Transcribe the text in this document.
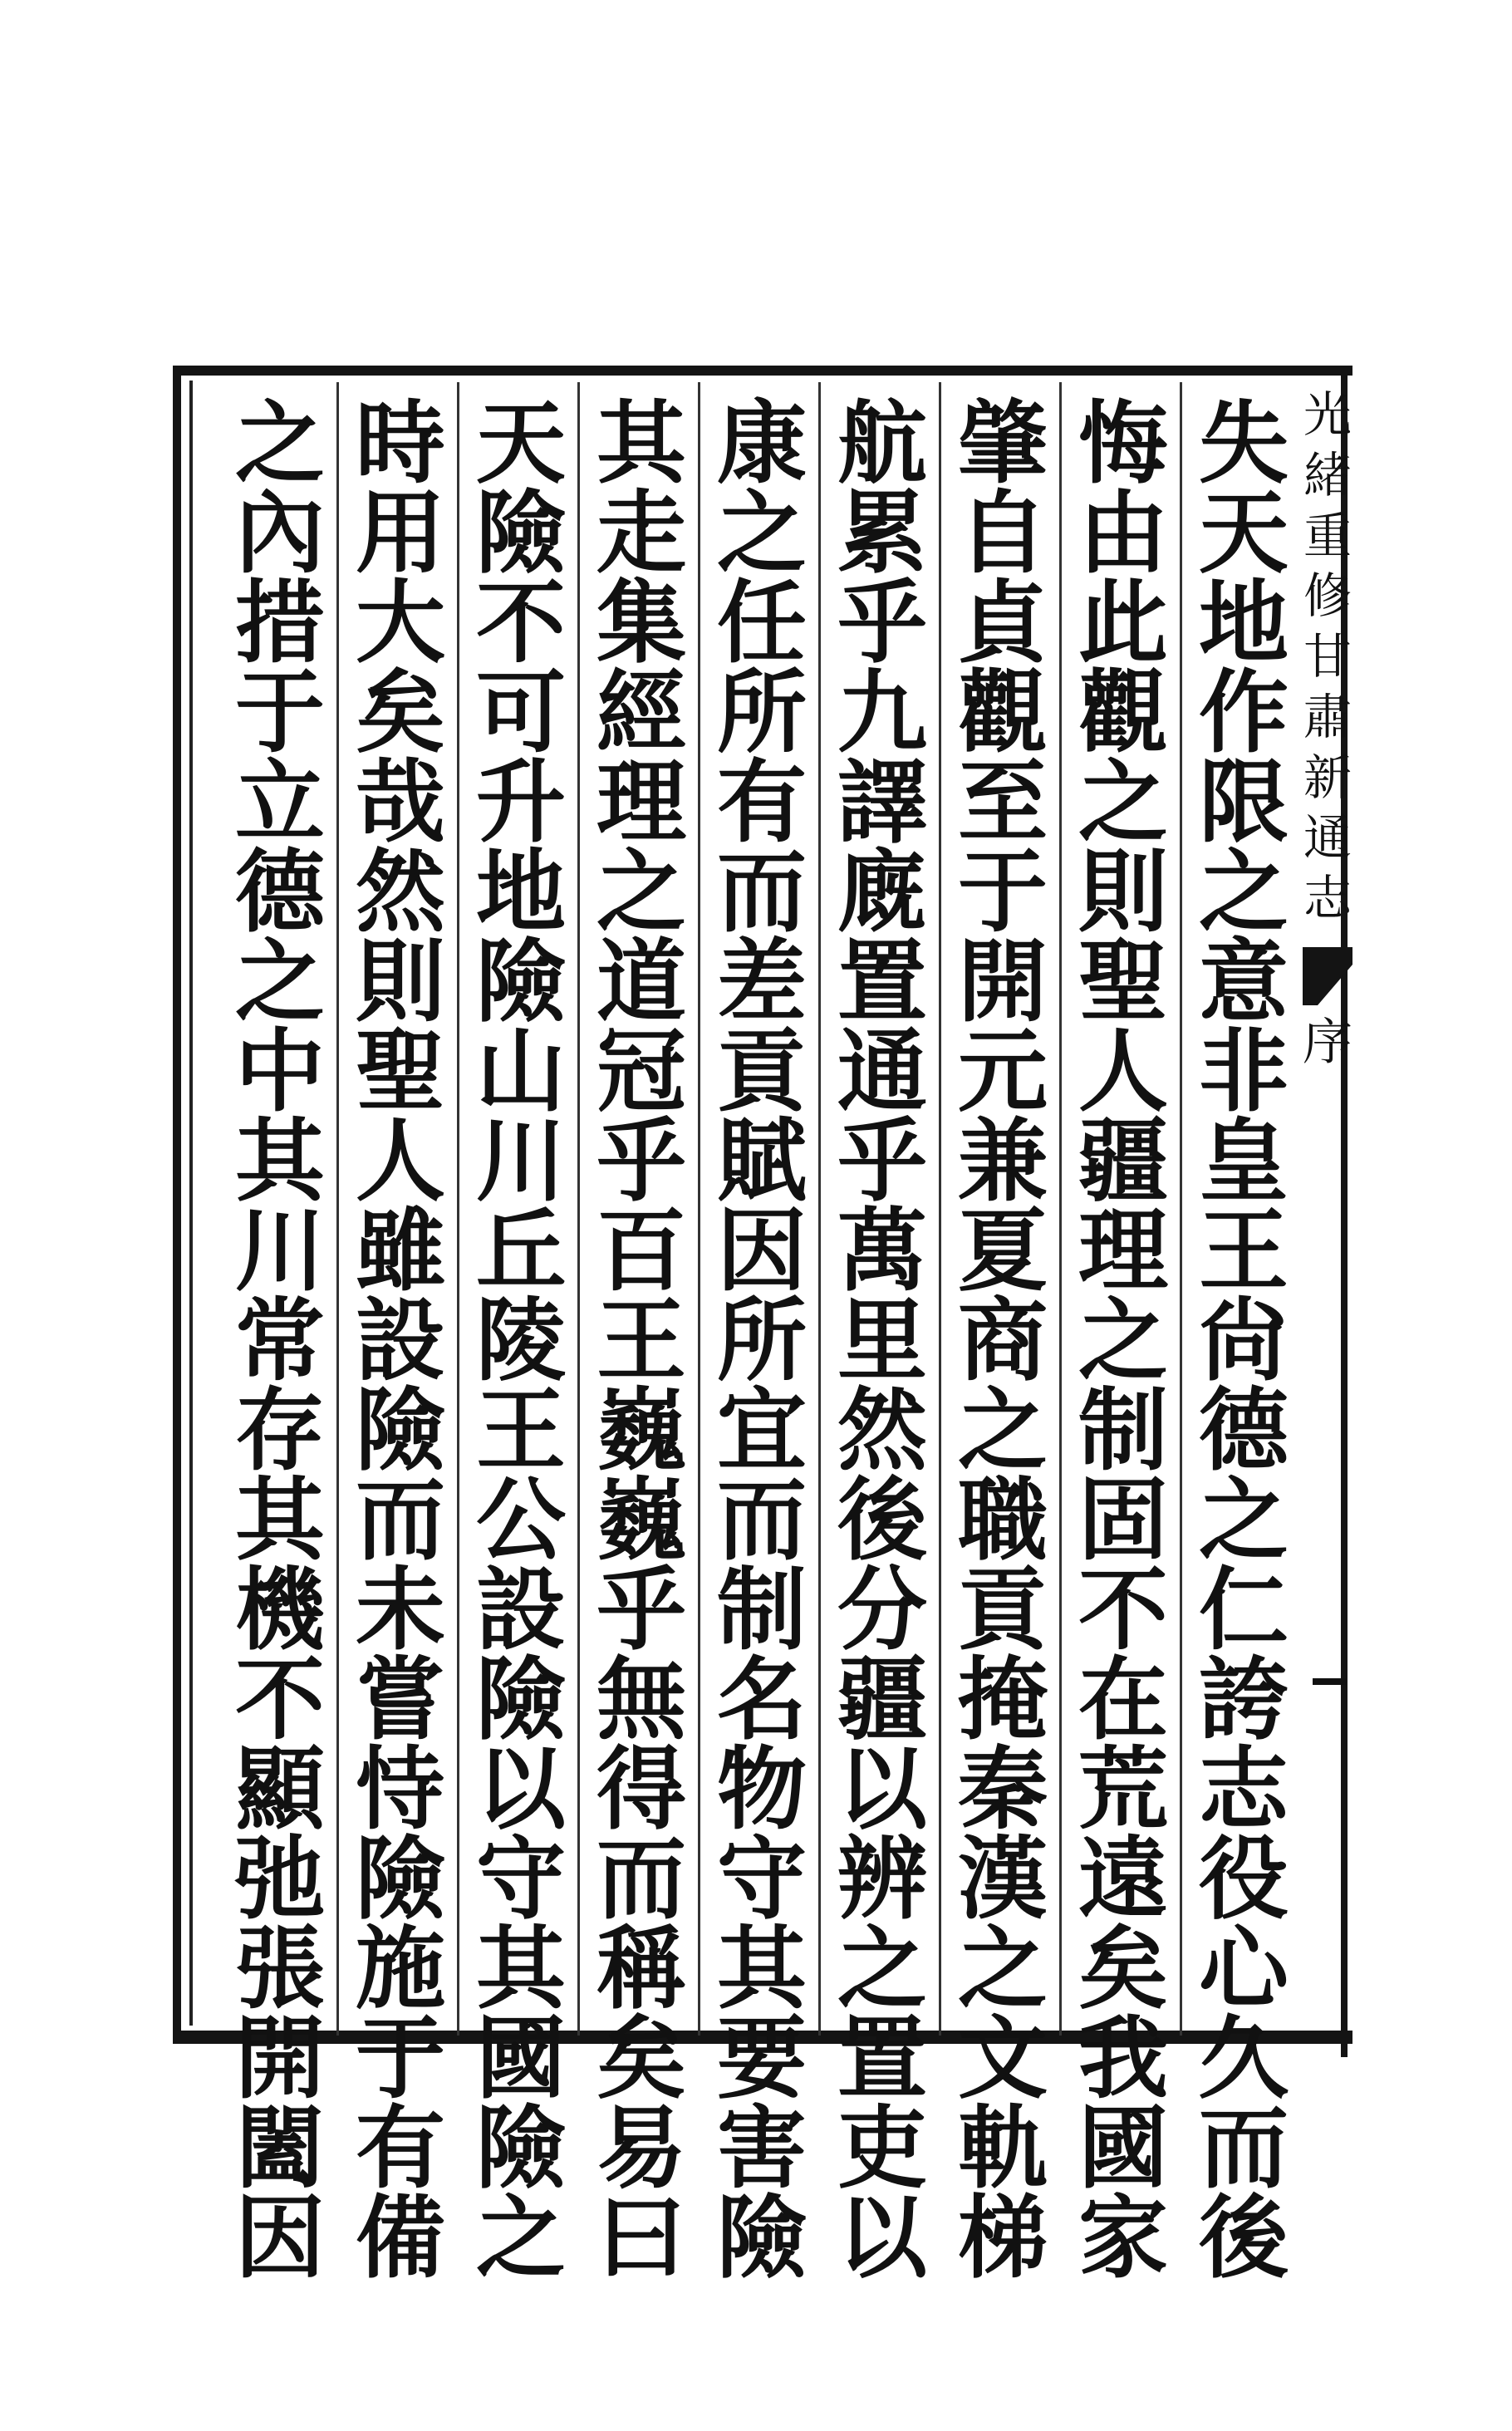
光
緒
重
修
甘
肅
新
通
志
序
失
天
地
作
限
之
意
非
皇
王
尙
德
之
仁
誇
志
役
心
久
而
後
悔
由
此
觀
之
則
聖
人
疆
理
之
制
固
不
在
荒
遠
矣
我
國
家
肇
自
貞
觀
至
于
開
元
兼
夏
商
之
職
貢
掩
秦
漢
之
文
軌
梯
航
累
乎
九
譯
廐
置
通
乎
萬
里
然
後
分
疆
以
辨
之
置
吏
以
康
之
任
所
有
而
差
貢
賦
因
所
宜
而
制
名
物
守
其
要
害
險
其
走
集
經
理
之
道
冠
乎
百
王
巍
巍
乎
無
得
而
稱
矣
易
曰
天
險
不
可
升
地
險
山
川
丘
陵
王
公
設
險
以
守
其
國
險
之
時
用
大
矣
哉
然
則
聖
人
雖
設
險
而
未
嘗
恃
險
施
于
有
備
之
內
措
于
立
德
之
中
其
川
常
存
其
機
不
顯
弛
張
開
闔
因
